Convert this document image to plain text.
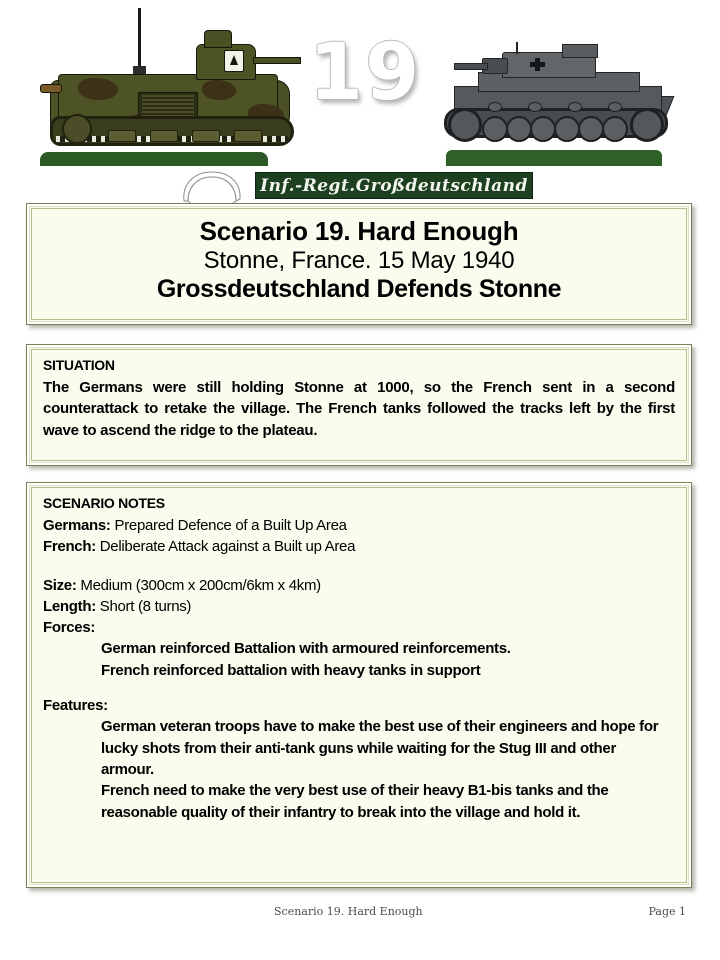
19
Inf.-Regt.Großdeutschland
Scenario 19. Hard Enough
Stonne, France. 15 May 1940
Grossdeutschland Defends Stonne
SITUATION
The Germans were still holding Stonne at 1000, so the French sent in a second counterattack to retake the village. The French tanks followed the tracks left by the first wave to ascend the ridge to the plateau.
SCENARIO NOTES
Germans: Prepared Defence of a Built Up Area
French: Deliberate Attack against a Built up Area
Size: Medium (300cm x 200cm/6km x 4km)
Length: Short (8 turns)
Forces:
German reinforced Battalion with armoured reinforcements.
French reinforced battalion with heavy tanks in support
Features:
German veteran troops have to make the best use of their engineers and hope for lucky shots from their anti-tank guns while waiting for the Stug III and other armour.
French need to make the very best use of their heavy B1-bis tanks and the reasonable quality of their infantry to break into the village and hold it.
Scenario 19. Hard Enough	Page 1
